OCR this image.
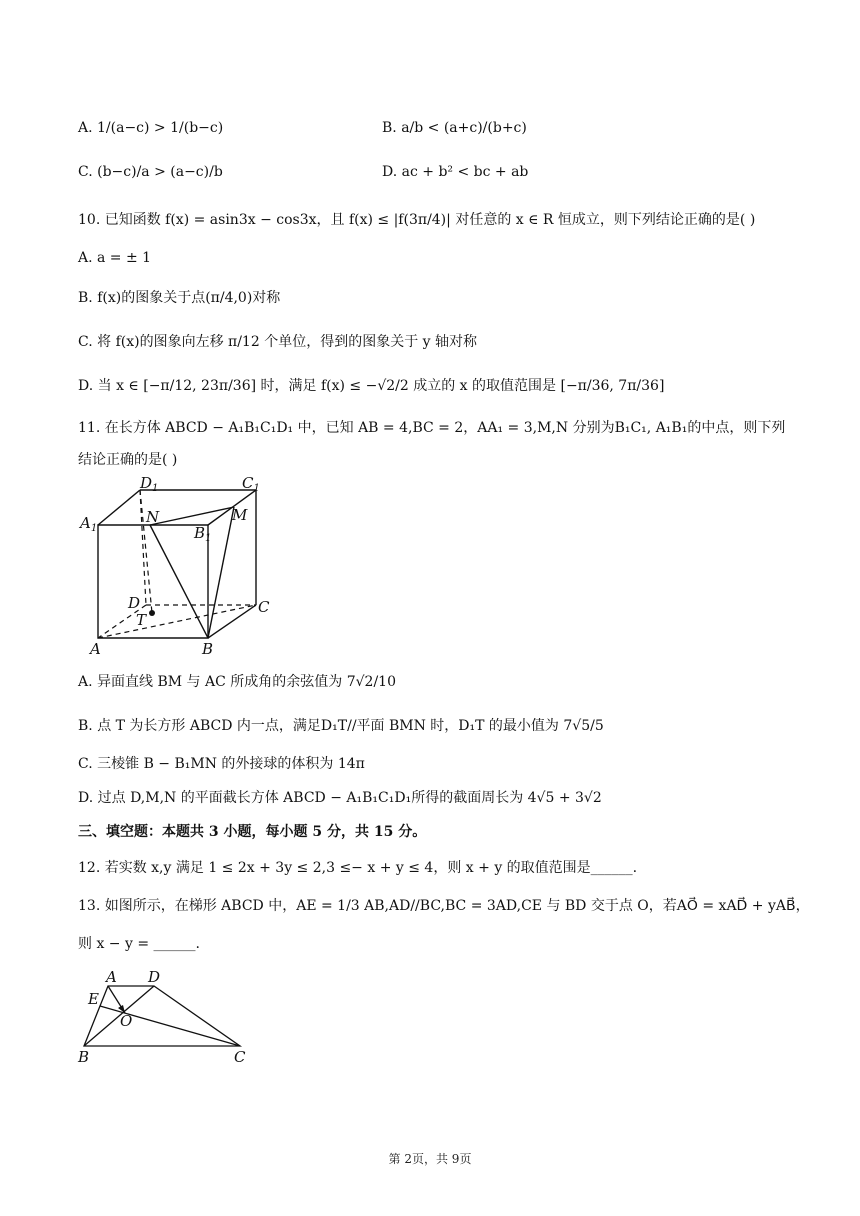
A. 1/(a−c) > 1/(b−c)	B. a/b < (a+c)/(b+c)
C. (b−c)/a > (a−c)/b	D. ac + b² < bc + ab
10. 已知函数 f(x) = asin3x − cos3x，且 f(x) ≤ |f(3π/4)| 对任意的 x ∈ R 恒成立，则下列结论正确的是( )
A. a = ± 1
B. f(x)的图象关于点(π/4,0)对称
C. 将 f(x)的图象向左移 π/12 个单位，得到的图象关于 y 轴对称
D. 当 x ∈ [−π/12, 23π/36] 时，满足 f(x) ≤ −√2/2 成立的 x 的取值范围是 [−π/36, 7π/36]
11. 在长方体 ABCD − A₁B₁C₁D₁ 中，已知 AB = 4,BC = 2，AA₁ = 3,M,N 分别为B₁C₁, A₁B₁的中点，则下列
结论正确的是( )
$D_1$	$C_1$
$A_1$
N	M
$B_1$
D
T
C
A	B
A. 异面直线 BM 与 AC 所成角的余弦值为 7√2/10
B. 点 T 为长方形 ABCD 内一点，满足D₁T//平面 BMN 时，D₁T 的最小值为 7√5/5
C. 三棱锥 B − B₁MN 的外接球的体积为 14π
D. 过点 D,M,N 的平面截长方体 ABCD − A₁B₁C₁D₁所得的截面周长为 4√5 + 3√2
三、填空题：本题共 3 小题，每小题 5 分，共 15 分。
12. 若实数 x,y 满足 1 ≤ 2x + 3y ≤ 2,3 ≤− x + y ≤ 4，则 x + y 的取值范围是______.
13. 如图所示，在梯形 ABCD 中，AE = 1/3 AB,AD//BC,BC = 3AD,CE 与 BD 交于点 O，若AO⃗ = xAD⃗ + yAB⃗，
则 x − y = ______.
A D
E
O
B	C
第 2页，共 9页
